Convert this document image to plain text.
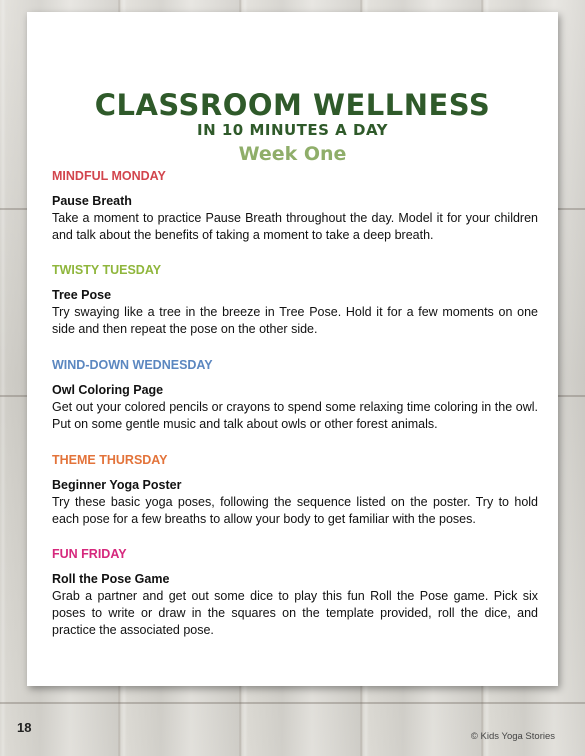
CLASSROOM WELLNESS
IN 10 MINUTES A DAY
Week One

MINDFUL MONDAY

Pause Breath

Take a moment to practice Pause Breath throughout the day. Model it for your children and talk about the benefits of taking a moment to take a deep breath.

TWISTY TUESDAY

Tree Pose

Try swaying like a tree in the breeze in Tree Pose. Hold it for a few moments on one side and then repeat the pose on the other side.

WIND-DOWN WEDNESDAY

Owl Coloring Page

Get out your colored pencils or crayons to spend some relaxing time coloring in the owl. Put on some gentle music and talk about owls or other forest animals.

THEME THURSDAY

Beginner Yoga Poster

Try these basic yoga poses, following the sequence listed on the poster. Try to hold each pose for a few breaths to allow your body to get familiar with the poses.

FUN FRIDAY

Roll the Pose Game

Grab a partner and get out some dice to play this fun Roll the Pose game. Pick six poses to write or draw in the squares on the template provided, roll the dice, and practice the associated pose.

18
© Kids Yoga Stories
